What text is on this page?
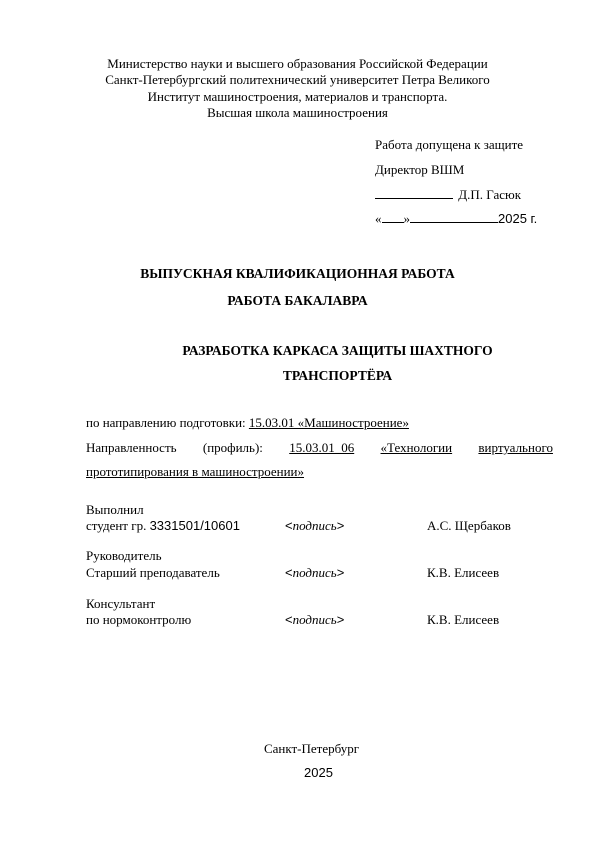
Министерство науки и высшего образования Российской Федерации
Санкт-Петербургский политехнический университет Петра Великого
Институт машиностроения, материалов и транспорта.
Высшая школа машиностроения
Работа допущена к защите
Директор ВШМ
Д.П. Гасюк
« »	2025 г.
ВЫПУСКНАЯ КВАЛИФИКАЦИОННАЯ РАБОТА
РАБОТА БАКАЛАВРА
РАЗРАБОТКА КАРКАСА ЗАЩИТЫ ШАХТНОГО
ТРАНСПОРТЁРА
по направлению подготовки: 15.03.01 «Машиностроение»
Направленность (профиль): 15.03.01_06 «Технологии виртуального
прототипирования в машиностроении»
Выполнил
студент гр. 3331501/10601	<подпись>	А.С. Щербаков
Руководитель
Старший преподаватель	<подпись>	К.В. Елисеев
Консультант
по нормоконтролю	<подпись>	К.В. Елисеев
Санкт-Петербург
2025
